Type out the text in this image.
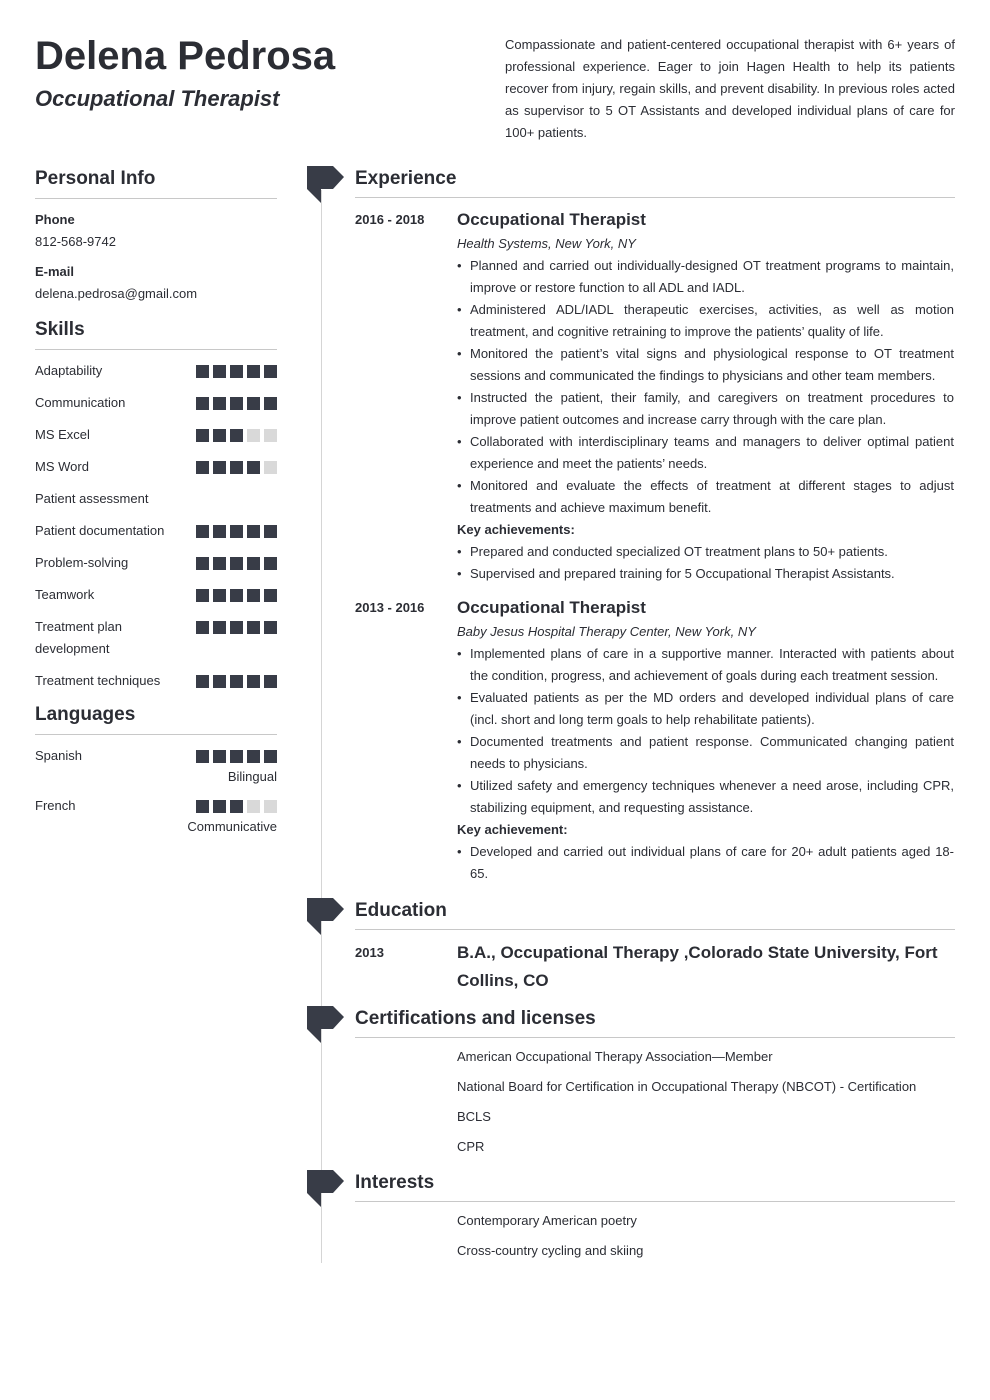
Delena Pedrosa
Occupational Therapist

Compassionate and patient-centered occupational therapist with 6+ years of professional experience. Eager to join Hagen Health to help its patients recover from injury, regain skills, and prevent disability. In previous roles acted as supervisor to 5 OT Assistants and developed individual plans of care for 100+ patients.

Personal Info
Phone
812-568-9742
E-mail
delena.pedrosa@gmail.com
Skills
Adaptability
Communication
MS Excel
MS Word
Patient assessment
Patient documentation
Problem-solving
Teamwork
Treatment plan development
Treatment techniques
Languages
Spanish
Bilingual
French
Communicative
Experience
2016 - 2018 Occupational Therapist
Health Systems, New York, NY
• Planned and carried out individually-designed OT treatment programs to maintain, improve or restore function to all ADL and IADL.
• Administered ADL/IADL therapeutic exercises, activities, as well as motion treatment, and cognitive retraining to improve the patients’ quality of life.
• Monitored the patient’s vital signs and physiological response to OT treatment sessions and communicated the findings to physicians and other team members.
• Instructed the patient, their family, and caregivers on treatment procedures to improve patient outcomes and increase carry through with the care plan.
• Collaborated with interdisciplinary teams and managers to deliver optimal patient experience and meet the patients’ needs.
• Monitored and evaluate the effects of treatment at different stages to adjust treatments and achieve maximum benefit.
Key achievements:
• Prepared and conducted specialized OT treatment plans to 50+ patients.
• Supervised and prepared training for 5 Occupational Therapist Assistants.
2013 - 2016 Occupational Therapist
Baby Jesus Hospital Therapy Center, New York, NY
• Implemented plans of care in a supportive manner. Interacted with patients about the condition, progress, and achievement of goals during each treatment session.
• Evaluated patients as per the MD orders and developed individual plans of care (incl. short and long term goals to help rehabilitate patients).
• Documented treatments and patient response. Communicated changing patient needs to physicians.
• Utilized safety and emergency techniques whenever a need arose, including CPR, stabilizing equipment, and requesting assistance.
Key achievement:
• Developed and carried out individual plans of care for 20+ adult patients aged 18-65.
Education
2013	B.A., Occupational Therapy ,Colorado State University, Fort Collins, CO
Certifications and licenses
American Occupational Therapy Association—Member
National Board for Certification in Occupational Therapy (NBCOT) - Certification
BCLS
CPR
Interests
Contemporary American poetry
Cross-country cycling and skiing
